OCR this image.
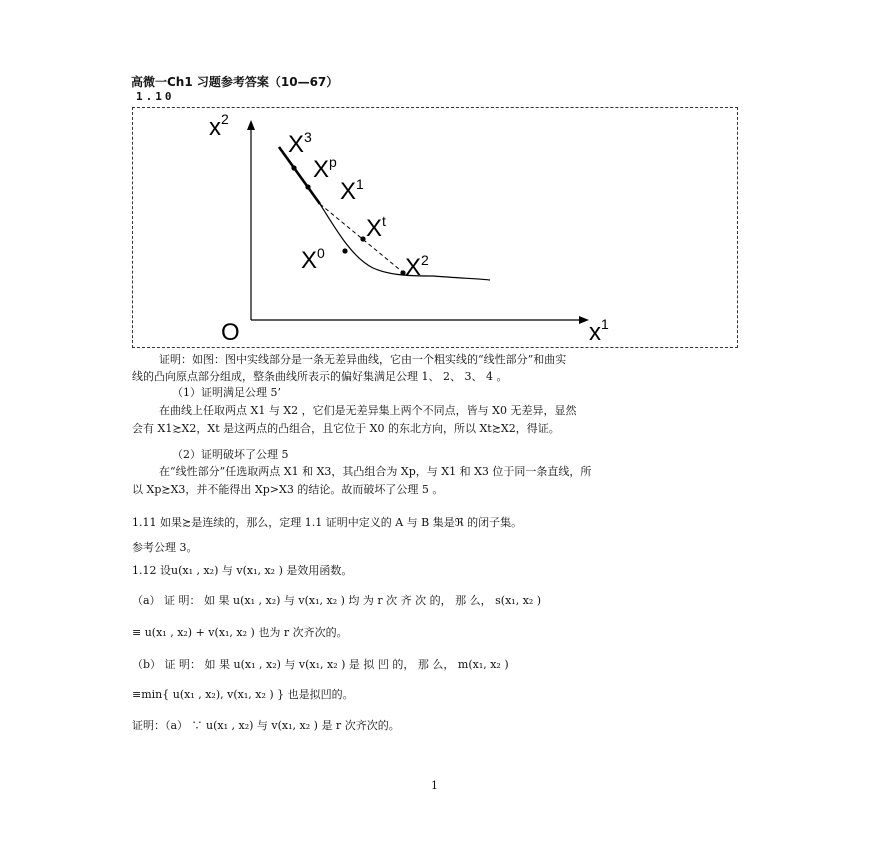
高微一Ch1 习题参考答案（10—67）
1.10
$x^2$
$x^1$
O
$X^3$
$X^p$
$X^1$
$X^t$
$X^0$
$X^2$
证明：如图：图中实线部分是一条无差异曲线，它由一个粗实线的“线性部分”和曲实
线的凸向原点部分组成，整条曲线所表示的偏好集满足公理 1、 2、 3、 4 。
（1）证明满足公理 5’
在曲线上任取两点 X1 与 X2 ，它们是无差异集上两个不同点，皆与 X0 无差异，显然
会有 X1≿X2，Xt 是这两点的凸组合，且它位于 X0 的东北方向，所以 Xt≿X2，得证。
（2）证明破坏了公理 5
在“线性部分”任选取两点 X1 和 X3，其凸组合为 Xp，与 X1 和 X3 位于同一条直线，所
以 Xp≿X3，并不能得出 Xp>X3 的结论。故而破坏了公理 5 。
1.11 如果≿是连续的，那么，定理 1.1 证明中定义的 A 与 B 集是ℜ 的闭子集。
参考公理 3。
1.12 设u(x₁ , x₂) 与 v(x₁, x₂ ) 是效用函数。
（a） 证 明： 如 果 u(x₁ , x₂) 与 v(x₁, x₂ ) 均 为 r 次 齐 次 的， 那 么， s(x₁, x₂ )
≡ u(x₁ , x₂) + v(x₁, x₂ ) 也为 r 次齐次的。
（b） 证 明： 如 果 u(x₁ , x₂) 与 v(x₁, x₂ ) 是 拟 凹 的， 那 么， m(x₁, x₂ )
≡min{ u(x₁ , x₂), v(x₁, x₂ ) } 也是拟凹的。
证明：（a） ∵ u(x₁ , x₂) 与 v(x₁, x₂ ) 是 r 次齐次的。
1
